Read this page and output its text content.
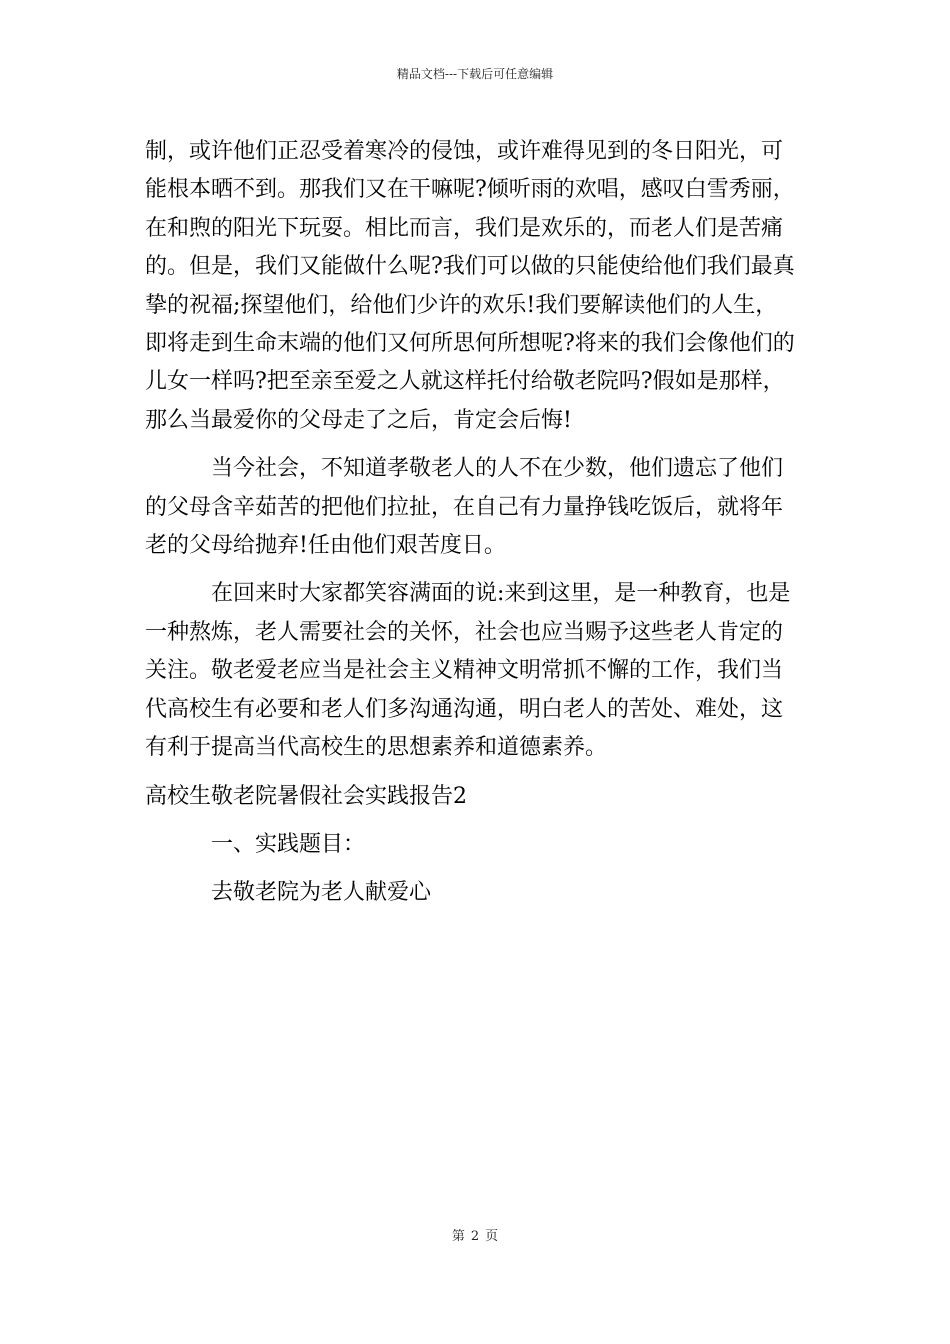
精品文档---下载后可任意编辑
制，或许他们正忍受着寒冷的侵蚀，或许难得见到的冬日阳光，可
能根本晒不到。那我们又在干嘛呢?倾听雨的欢唱，感叹白雪秀丽，
在和煦的阳光下玩耍。相比而言，我们是欢乐的，而老人们是苦痛
的。但是，我们又能做什么呢?我们可以做的只能使给他们我们最真
挚的祝福;探望他们，给他们少许的欢乐!我们要解读他们的人生，
即将走到生命末端的他们又何所思何所想呢?将来的我们会像他们的
儿女一样吗?把至亲至爱之人就这样托付给敬老院吗?假如是那样，
那么当最爱你的父母走了之后，肯定会后悔!
当今社会，不知道孝敬老人的人不在少数，他们遗忘了他们
的父母含辛茹苦的把他们拉扯，在自己有力量挣钱吃饭后，就将年
老的父母给抛弃!任由他们艰苦度日。
在回来时大家都笑容满面的说:来到这里，是一种教育，也是
一种熬炼，老人需要社会的关怀，社会也应当赐予这些老人肯定的
关注。敬老爱老应当是社会主义精神文明常抓不懈的工作，我们当
代高校生有必要和老人们多沟通沟通，明白老人的苦处、难处，这
有利于提高当代高校生的思想素养和道德素养。
高校生敬老院暑假社会实践报告2
一、实践题目：
去敬老院为老人献爱心
第 2 页
